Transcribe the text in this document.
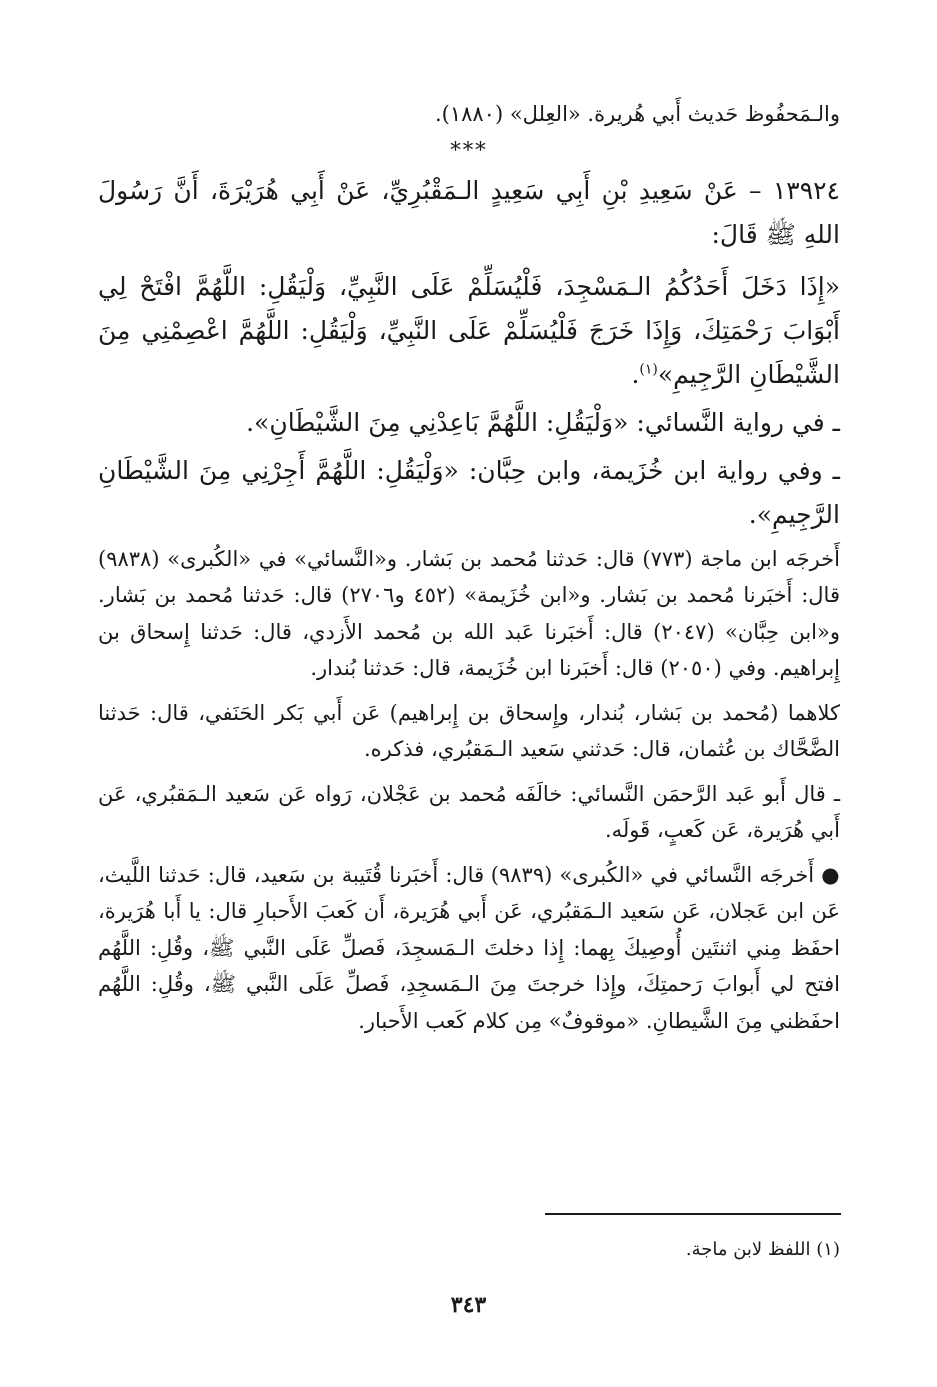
والـمَحفُوظ حَديث أَبي هُريرة. «العِلل» (١٨٨٠).

***

١٣٩٢٤ – عَنْ سَعِيدِ بْنِ أَبِي سَعِيدٍ الـمَقْبُرِيِّ، عَنْ أَبِي هُرَيْرَةَ، أَنَّ رَسُولَ اللهِ ﷺ قَالَ:

«إِذَا دَخَلَ أَحَدُكُمُ الـمَسْجِدَ، فَلْيُسَلِّمْ عَلَى النَّبِيِّ، وَلْيَقُلِ: اللَّهُمَّ افْتَحْ لِي أَبْوَابَ رَحْمَتِكَ، وَإِذَا خَرَجَ فَلْيُسَلِّمْ عَلَى النَّبِيِّ، وَلْيَقُلِ: اللَّهُمَّ اعْصِمْنِي مِنَ الشَّيْطَانِ الرَّجِيمِ»$^{(١)}$.

ـ في رواية النَّسائي: «وَلْيَقُلِ: اللَّهُمَّ بَاعِدْنِي مِنَ الشَّيْطَانِ».

ـ وفي رواية ابن خُزَيمة، وابن حِبَّان: «وَلْيَقُلِ: اللَّهُمَّ أَجِرْنِي مِنَ الشَّيْطَانِ الرَّجِيمِ».

أَخرجَه ابن ماجة (٧٧٣) قال: حَدثنا مُحمد بن بَشار. و«النَّسائي» في «الكُبرى» (٩٨٣٨) قال: أَخبَرنا مُحمد بن بَشار. و«ابن خُزَيمة» (٤٥٢ و٢٧٠٦) قال: حَدثنا مُحمد بن بَشار. و«ابن حِبَّان» (٢٠٤٧) قال: أَخبَرنا عَبد الله بن مُحمد الأَزدي، قال: حَدثنا إِسحاق بن إِبراهيم. وفي (٢٠٥٠) قال: أَخبَرنا ابن خُزَيمة، قال: حَدثنا بُندار.

كلاهما (مُحمد بن بَشار، بُندار، وإِسحاق بن إِبراهيم) عَن أَبي بَكر الحَنَفي، قال: حَدثنا الضَّحَّاك بن عُثمان، قال: حَدثني سَعيد الـمَقبُري، فذكره.

ـ قال أَبو عَبد الرَّحمَن النَّسائي: خالَفَه مُحمد بن عَجْلان، رَواه عَن سَعيد الـمَقبُري، عَن أَبي هُرَيرة، عَن كَعبٍ، قَولَه.

● أَخرجَه النَّسائي في «الكُبرى» (٩٨٣٩) قال: أَخبَرنا قُتَيبة بن سَعيد، قال: حَدثنا اللَّيث، عَن ابن عَجلان، عَن سَعيد الـمَقبُري، عَن أَبي هُرَيرة، أَن كَعبَ الأَحبارِ قال: يا أَبا هُرَيرة، احفَظ مِني اثنتَين أُوصِيكَ بِهما: إِذا دخلتَ الـمَسجِدَ، فَصلِّ عَلَى النَّبي ﷺ، وقُلِ: اللَّهُم افتح لي أَبوابَ رَحمتِكَ، وإِذا خرجتَ مِنَ الـمَسجِدِ، فَصلِّ عَلَى النَّبي ﷺ، وقُلِ: اللَّهُم احفَظني مِنَ الشَّيطانِ. «موقوفٌ» مِن كلام كَعب الأَحبار.

(١) اللفظ لابن ماجة.
٣٤٣
